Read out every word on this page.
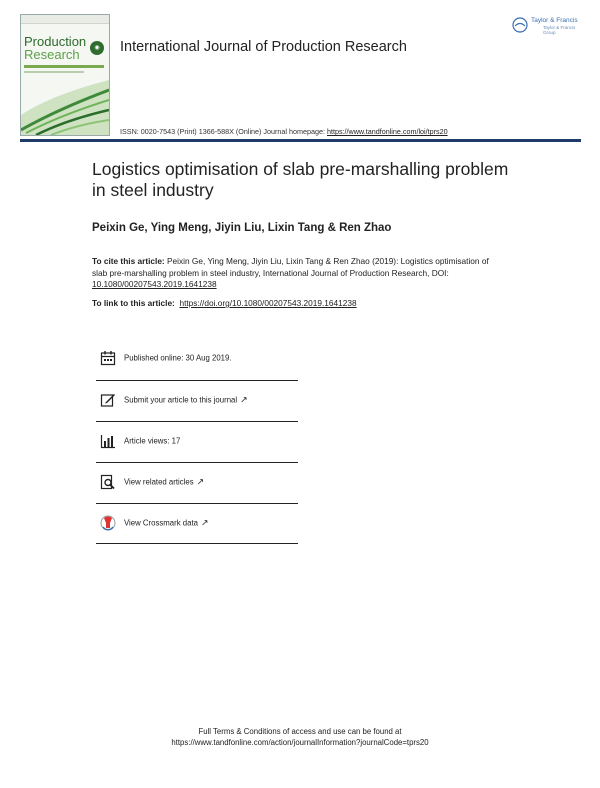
Production
Research	◉	International Journal of Production Research
ISSN: 0020-7543 (Print) 1366-588X (Online) Journal homepage: https://www.tandfonline.com/loi/tprs20
Taylor & Francis
Taylor & Francis Group
Logistics optimisation of slab pre-marshalling problem in steel industry
Peixin Ge, Ying Meng, Jiyin Liu, Lixin Tang & Ren Zhao
To cite this article: Peixin Ge, Ying Meng, Jiyin Liu, Lixin Tang & Ren Zhao (2019): Logistics optimisation of slab pre-marshalling problem in steel industry, International Journal of Production Research, DOI: 10.1080/00207543.2019.1641238
To link to this article: https://doi.org/10.1080/00207543.2019.1641238
Published online: 30 Aug 2019.
Submit your article to this journal ↗
Article views: 17
View related articles ↗
View Crossmark data ↗
Full Terms & Conditions of access and use can be found at
https://www.tandfonline.com/action/journalInformation?journalCode=tprs20
